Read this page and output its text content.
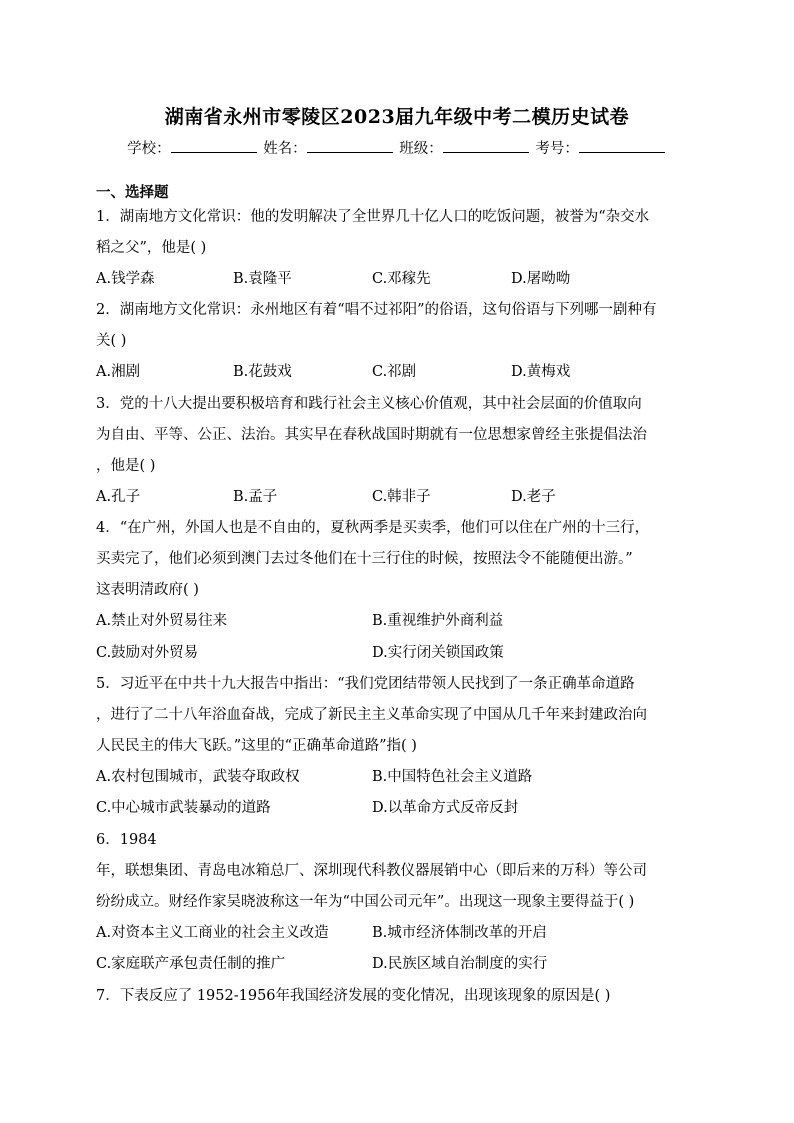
湖南省永州市零陵区2023届九年级中考二模历史试卷
学校：	姓名：	班级：	考号：
一、选择题
1．湖南地方文化常识：他的发明解决了全世界几十亿人口的吃饭问题，被誉为“杂交水
稻之父”，他是( )
A.钱学森	B.袁隆平	C.邓稼先	D.屠呦呦
2．湖南地方文化常识：永州地区有着“唱不过祁阳”的俗语，这句俗语与下列哪一剧种有
关( )
A.湘剧	B.花鼓戏	C.祁剧	D.黄梅戏
3．党的十八大提出要积极培育和践行社会主义核心价值观，其中社会层面的价值取向
为自由、平等、公正、法治。其实早在春秋战国时期就有一位思想家曾经主张提倡法治
，他是( )
A.孔子	B.孟子	C.韩非子	D.老子
4．“在广州，外国人也是不自由的，夏秋两季是买卖季，他们可以住在广州的十三行，
买卖完了，他们必须到澳门去过冬他们在十三行住的时候，按照法令不能随便出游。”
这表明清政府( )
A.禁止对外贸易往来	B.重视维护外商利益
C.鼓励对外贸易	D.实行闭关锁国政策
5．习近平在中共十九大报告中指出：“我们党团结带领人民找到了一条正确革命道路
，进行了二十八年浴血奋战，完成了新民主主义革命实现了中国从几千年来封建政治向
人民民主的伟大飞跃。”这里的“正确革命道路”指( )
A.农村包围城市，武装夺取政权	B.中国特色社会主义道路
C.中心城市武装暴动的道路	D.以革命方式反帝反封
6．1984
年，联想集团、青岛电冰箱总厂、深圳现代科教仪器展销中心（即后来的万科）等公司
纷纷成立。财经作家吴晓波称这一年为“中国公司元年”。出现这一现象主要得益于( )
A.对资本主义工商业的社会主义改造	B.城市经济体制改革的开启
C.家庭联产承包责任制的推广	D.民族区域自治制度的实行
7．下表反应了 1952-1956年我国经济发展的变化情况，出现该现象的原因是( )
